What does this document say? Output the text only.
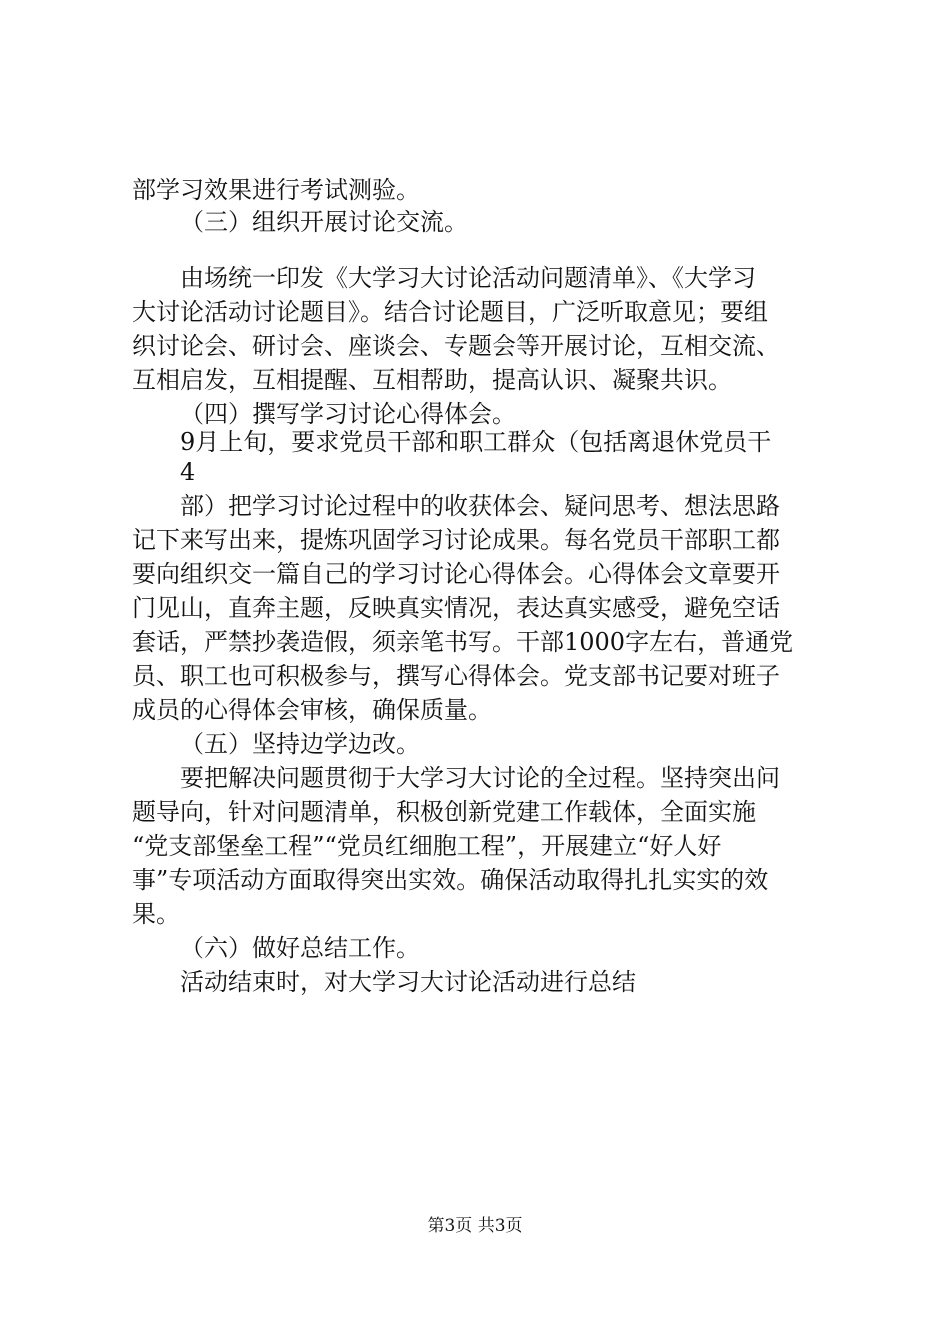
部学习效果进行考试测验。
（三）组织开展讨论交流。
由场统一印发《大学习大讨论活动问题清单》、《大学习
大讨论活动讨论题目》。结合讨论题目，广泛听取意见；要组
织讨论会、研讨会、座谈会、专题会等开展讨论，互相交流、
互相启发，互相提醒、互相帮助，提高认识、凝聚共识。
（四）撰写学习讨论心得体会。
9月上旬，要求党员干部和职工群众（包括离退休党员干
4
部）把学习讨论过程中的收获体会、疑问思考、想法思路
记下来写出来，提炼巩固学习讨论成果。每名党员干部职工都
要向组织交一篇自己的学习讨论心得体会。心得体会文章要开
门见山，直奔主题，反映真实情况，表达真实感受，避免空话
套话，严禁抄袭造假，须亲笔书写。干部1000字左右，普通党
员、职工也可积极参与，撰写心得体会。党支部书记要对班子
成员的心得体会审核，确保质量。
（五）坚持边学边改。
要把解决问题贯彻于大学习大讨论的全过程。坚持突出问
题导向，针对问题清单，积极创新党建工作载体，全面实施
“党支部堡垒工程”“党员红细胞工程”，开展建立“好人好
事”专项活动方面取得突出实效。确保活动取得扎扎实实的效
果。
（六）做好总结工作。
活动结束时，对大学习大讨论活动进行总结
第3页 共3页
